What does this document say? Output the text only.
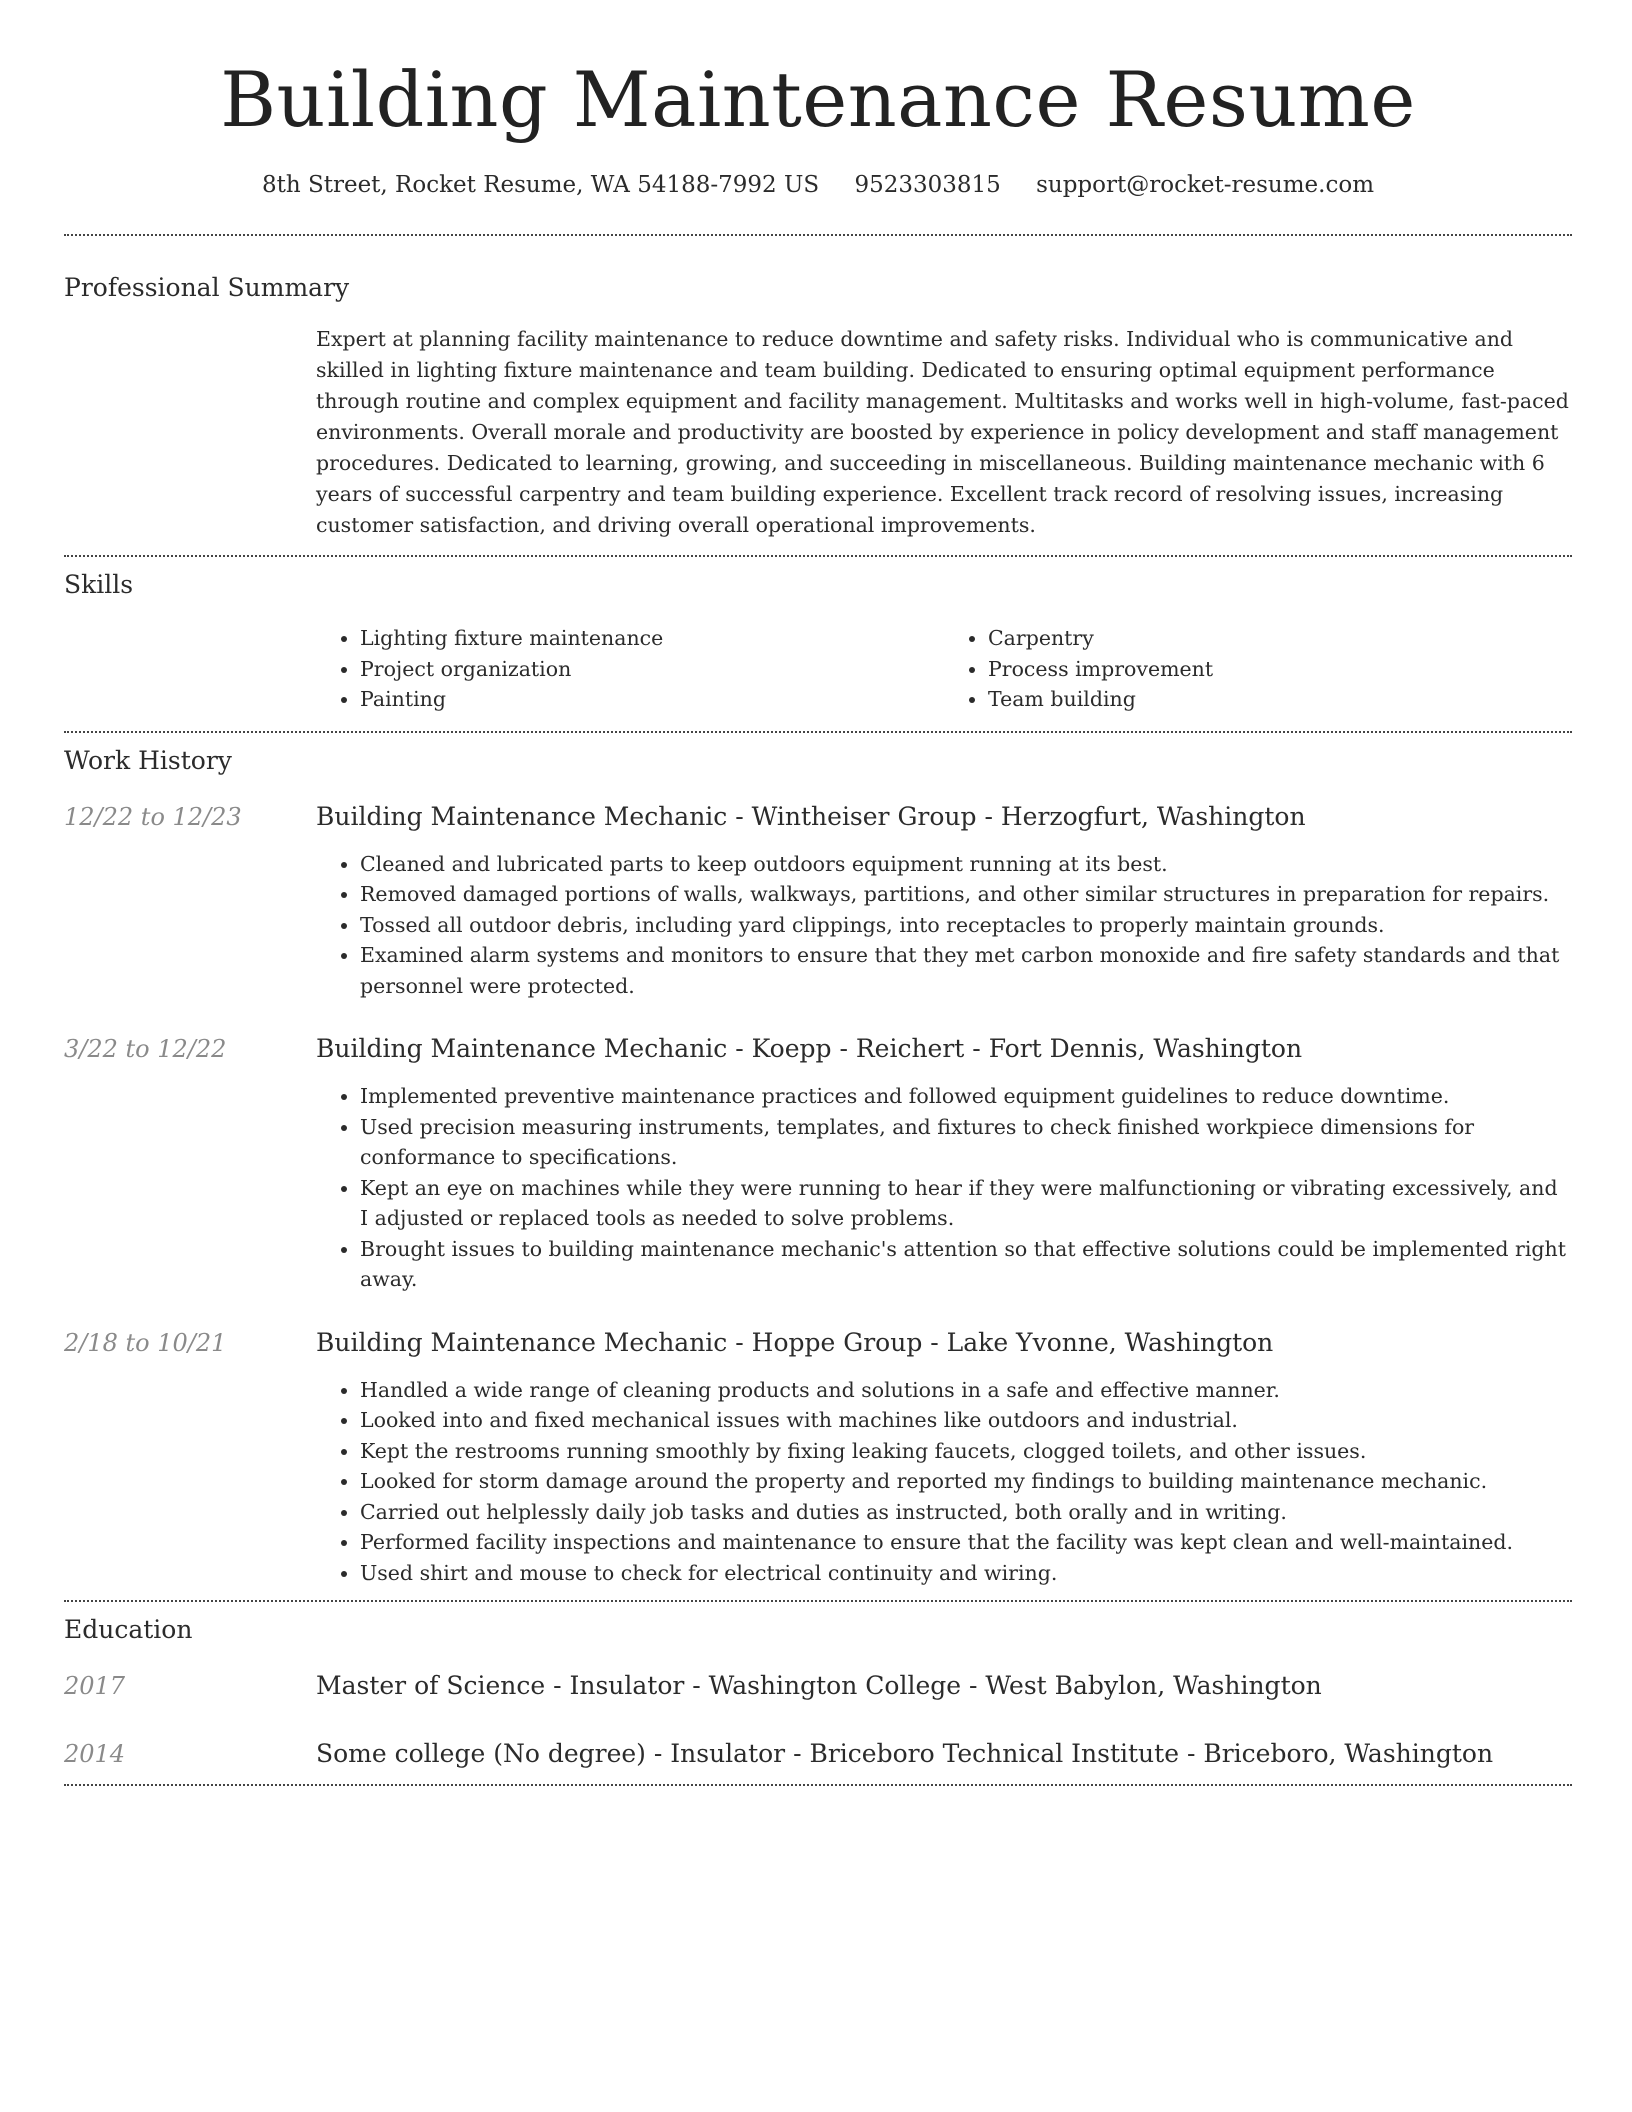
Building Maintenance Resume
8th Street, Rocket Resume, WA 54188-7992 US 9523303815 support@rocket-resume.com
Professional Summary

Expert at planning facility maintenance to reduce downtime and safety risks. Individual who is communicative and skilled in lighting fixture maintenance and team building. Dedicated to ensuring optimal equipment performance through routine and complex equipment and facility management. Multitasks and works well in high-volume, fast-paced environments. Overall morale and productivity are boosted by experience in policy development and staff management procedures. Dedicated to learning, growing, and succeeding in miscellaneous. Building maintenance mechanic with 6 years of successful carpentry and team building experience. Excellent track record of resolving issues, increasing customer satisfaction, and driving overall operational improvements.

Skills
• Lighting fixture maintenance
• Project organization
• Painting
• Carpentry
• Process improvement
• Team building
Work History
12/22 to 12/23	Building Maintenance Mechanic - Wintheiser Group - Herzogfurt, Washington
• Cleaned and lubricated parts to keep outdoors equipment running at its best.
• Removed damaged portions of walls, walkways, partitions, and other similar structures in preparation for repairs.
• Tossed all outdoor debris, including yard clippings, into receptacles to properly maintain grounds.
• Examined alarm systems and monitors to ensure that they met carbon monoxide and fire safety standards and that personnel were protected.
3/22 to 12/22	Building Maintenance Mechanic - Koepp - Reichert - Fort Dennis, Washington
• Implemented preventive maintenance practices and followed equipment guidelines to reduce downtime.
• Used precision measuring instruments, templates, and fixtures to check finished workpiece dimensions for conformance to specifications.
• Kept an eye on machines while they were running to hear if they were malfunctioning or vibrating excessively, and I adjusted or replaced tools as needed to solve problems.
• Brought issues to building maintenance mechanic's attention so that effective solutions could be implemented right away.
2/18 to 10/21	Building Maintenance Mechanic - Hoppe Group - Lake Yvonne, Washington
• Handled a wide range of cleaning products and solutions in a safe and effective manner.
• Looked into and fixed mechanical issues with machines like outdoors and industrial.
• Kept the restrooms running smoothly by fixing leaking faucets, clogged toilets, and other issues.
• Looked for storm damage around the property and reported my findings to building maintenance mechanic.
• Carried out helplessly daily job tasks and duties as instructed, both orally and in writing.
• Performed facility inspections and maintenance to ensure that the facility was kept clean and well-maintained.
• Used shirt and mouse to check for electrical continuity and wiring.
Education
2017	Master of Science - Insulator - Washington College - West Babylon, Washington
2014	Some college (No degree) - Insulator - Briceboro Technical Institute - Briceboro, Washington
